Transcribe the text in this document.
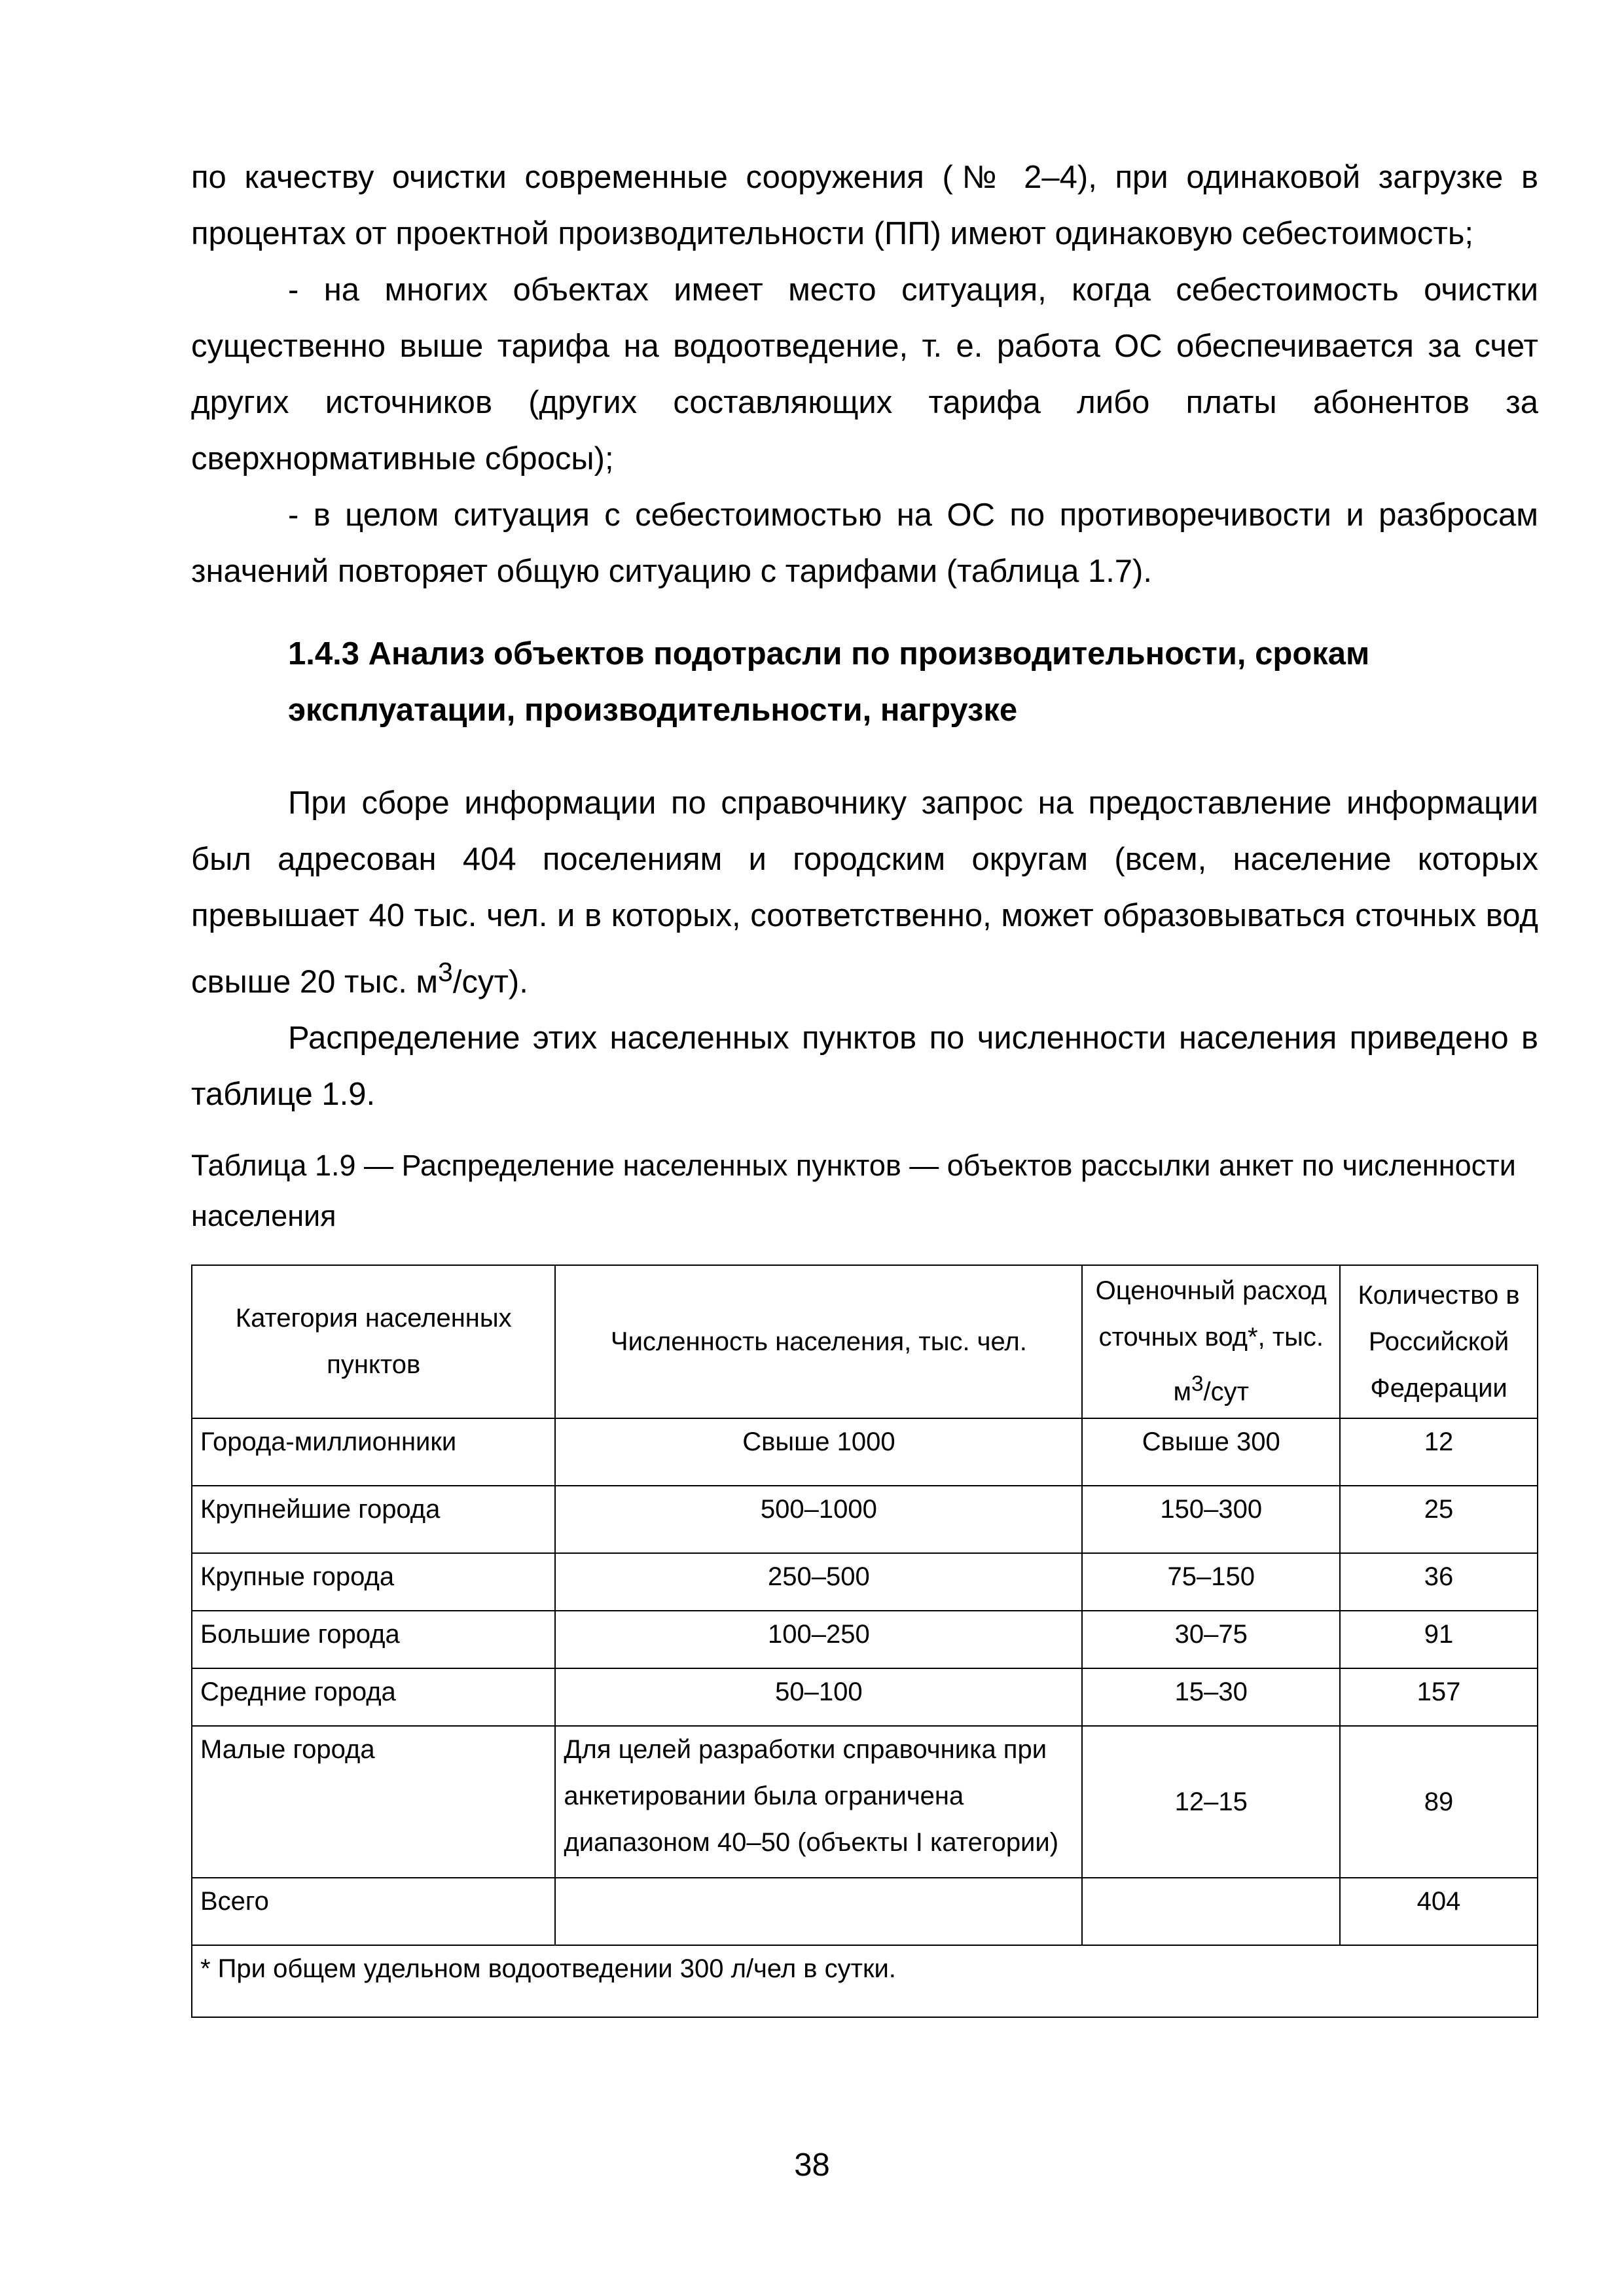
по качеству очистки современные сооружения (№ 2–4), при одинаковой загрузке в процентах от проектной производительности (ПП) имеют одинаковую себестоимость;

- на многих объектах имеет место ситуация, когда себестоимость очистки существенно выше тарифа на водоотведение, т. е. работа ОС обеспечивается за счет других источников (других составляющих тарифа либо платы абонентов за сверхнормативные сбросы);

- в целом ситуация с себестоимостью на ОС по противоречивости и разбросам значений повторяет общую ситуацию с тарифами (таблица 1.7).

1.4.3 Анализ объектов подотрасли по производительности, срокам эксплуатации, производительности, нагрузке

При сборе информации по справочнику запрос на предоставление информации был адресован 404 поселениям и городским округам (всем, население которых превышает 40 тыс. чел. и в которых, соответственно, может образовываться сточных вод свыше 20 тыс. $м^3/сут$).

Распределение этих населенных пунктов по численности населения приведено в таблице 1.9.

Таблица 1.9 — Распределение населенных пунктов — объектов рассылки анкет по численности населения

Категория населенных пунктов	Численность населения, тыс. чел.	Оценочный расход сточных вод*, тыс. $м^3$/сут	Количество в Российской Федерации
Города-миллионники	Свыше 1000	Свыше 300	12
Крупнейшие города	500–1000	150–300	25
Крупные города	250–500	75–150	36
Большие города	100–250	30–75	91
Средние города	50–100	15–30	157
Малые города	Для целей разработки справочника при анкетировании была ограничена диапазоном 40–50 (объекты I категории)	12–15	89
Всего			404
* При общем удельном водоотведении 300 л/чел в сутки.			
38
